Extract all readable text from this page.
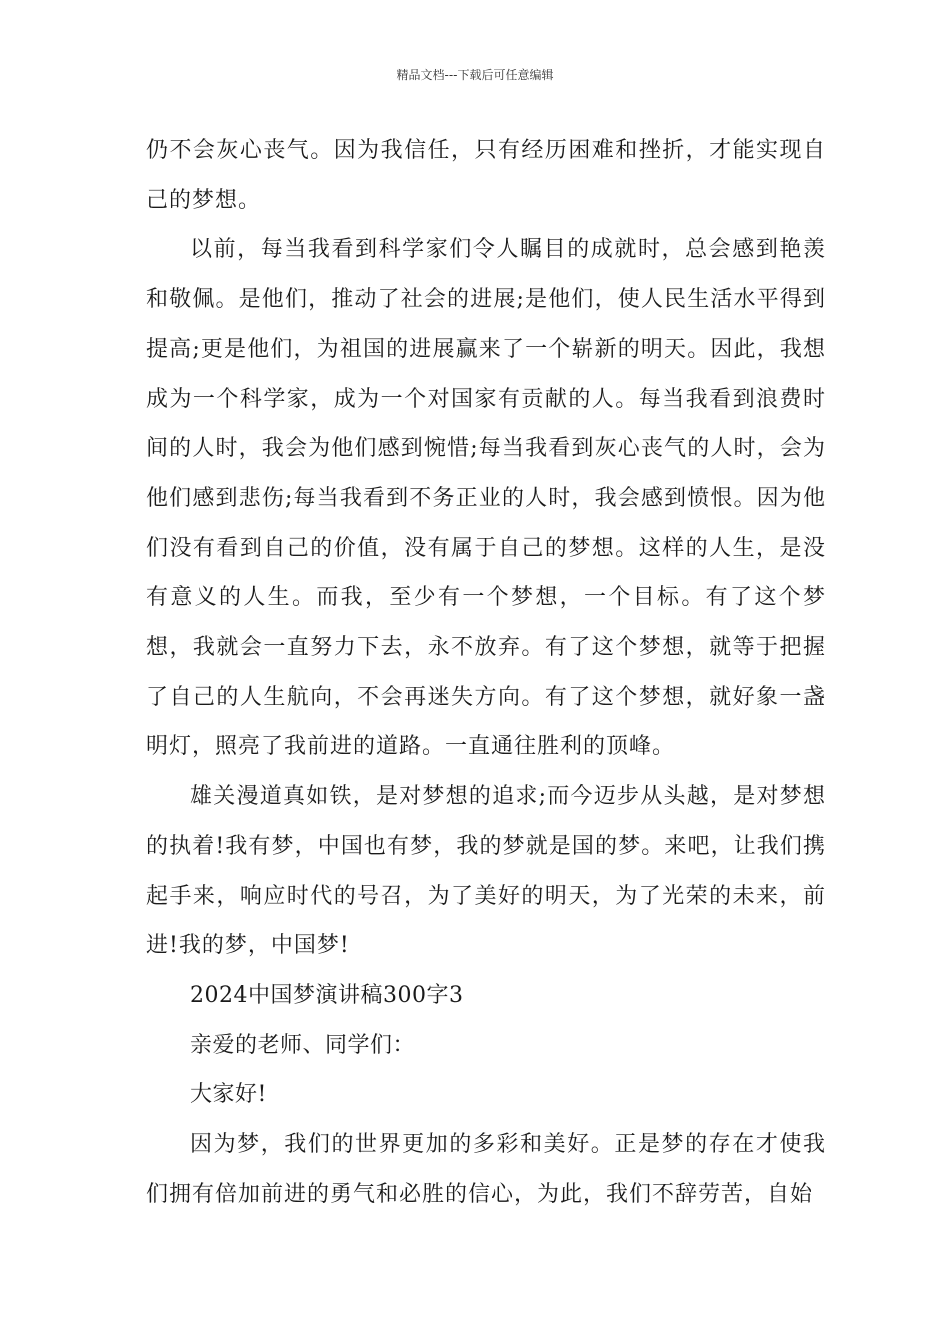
精品文档---下载后可任意编辑

仍不会灰心丧气。因为我信任，只有经历困难和挫折，才能实现自己的梦想。

以前，每当我看到科学家们令人瞩目的成就时，总会感到艳羡和敬佩。是他们，推动了社会的进展;是他们，使人民生活水平得到提高;更是他们，为祖国的进展赢来了一个崭新的明天。因此，我想成为一个科学家，成为一个对国家有贡献的人。每当我看到浪费时间的人时，我会为他们感到惋惜;每当我看到灰心丧气的人时，会为他们感到悲伤;每当我看到不务正业的人时，我会感到愤恨。因为他们没有看到自己的价值，没有属于自己的梦想。这样的人生，是没有意义的人生。而我，至少有一个梦想，一个目标。有了这个梦想，我就会一直努力下去，永不放弃。有了这个梦想，就等于把握了自己的人生航向，不会再迷失方向。有了这个梦想，就好象一盏明灯，照亮了我前进的道路。一直通往胜利的顶峰。

雄关漫道真如铁，是对梦想的追求;而今迈步从头越，是对梦想的执着!我有梦，中国也有梦，我的梦就是国的梦。来吧，让我们携起手来，响应时代的号召，为了美好的明天，为了光荣的未来，前进!我的梦，中国梦!

2024中国梦演讲稿300字3

亲爱的老师、同学们：

大家好!

因为梦，我们的世界更加的多彩和美好。正是梦的存在才使我们拥有倍加前进的勇气和必胜的信心，为此，我们不辞劳苦，自始
